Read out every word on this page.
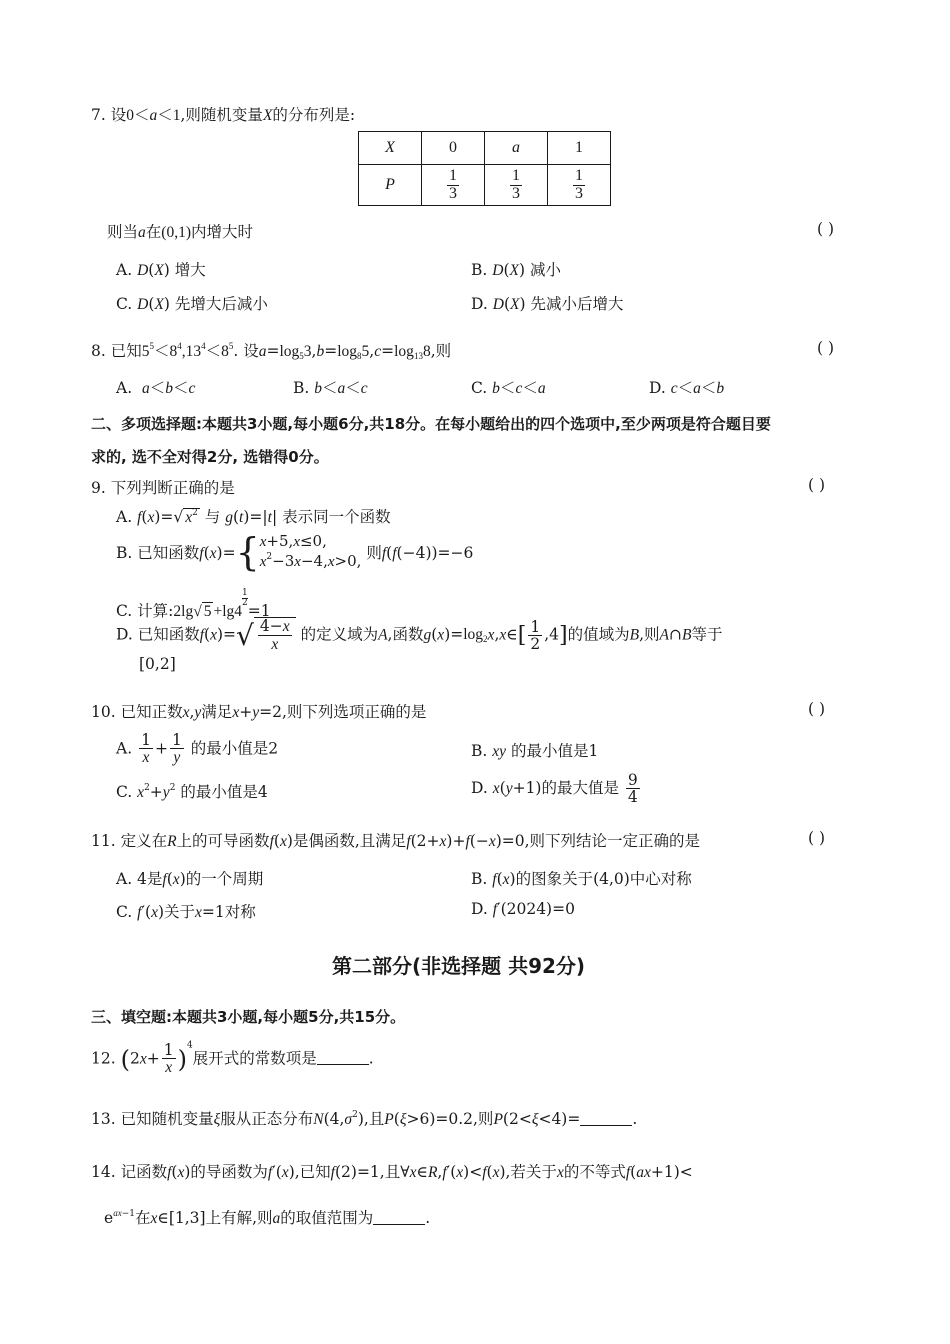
7. 设0＜a＜1,则随机变量X的分布列是:
X	0	a	1
P	$\frac{1}{3}$	$\frac{1}{3}$	$\frac{1}{3}$
则当a在(0,1)内增大时	( )
A. D(X) 增大	B. D(X) 减小
C. D(X) 先增大后减小	D. D(X) 先减小后增大
8. 已知$5^5<8^4,13^4<8^5$. 设$a=\log_53,b=\log_85,c=\log_{13}8$,则	( )
A.  a＜b＜c	B. b＜a＜c	C. b＜c＜a	D. c＜a＜b
二、多项选择题:本题共3小题,每小题6分,共18分。在每小题给出的四个选项中,至少两项是符合题目要
求的, 选不全对得2分, 选错得0分。
9. 下列判断正确的是	( )
A. f(x)=√ $x^2$ 与 g(t)=|t| 表示同一个函数
B. 已知函数f(x)={ x+5,x≤0,
$x^2-3x-4,x>0$, 则f(f(−4))=−6
C. 计算:2lg√ 5 +lg4
$\frac{1}{2}$
=1
D. 已知函数$f(x)=√ \frac{4-x}{x}$ 的定义域为A,函数$g(x)=\log_2x,x\in[ \frac{1}{2} ,4]$的值域为B,则A∩B等于
[0,2]
10. 已知正数x,y满足x+y=2,则下列选项正确的是	( )
A. $\frac{1}{x} + \frac{1}{y}$ 的最小值是2	B. xy 的最小值是1
C. $x^2+y^2$ 的最小值是4	D. x(y+1)的最大值是 $\frac{9}{4}$
11. 定义在R上的可导函数f(x)是偶函数,且满足f(2+x)+f(−x)=0,则下列结论一定正确的是	( )
A. 4是f(x)的一个周期	B. f(x)的图象关于(4,0)中心对称
C. f′(x)关于x=1对称	D. f′(2024)=0
第二部分(非选择题 共92分)
三、填空题:本题共3小题,每小题5分,共15分。
12. $(2x+ \frac{1}{x} )^4$展开式的常数项是	.
13. 已知随机变量ξ服从正态分布$N(4,\sigma^2)$,且P(ξ>6)=0.2,则P(2<ξ<4)=	.
14. 记函数f(x)的导函数为f′(x),已知f(2)=1,且∀x∈R,f′(x)<f(x),若关于x的不等式f(ax+1)<
$e^{ax-1}$在x∈[1,3]上有解,则a的取值范围为	.
